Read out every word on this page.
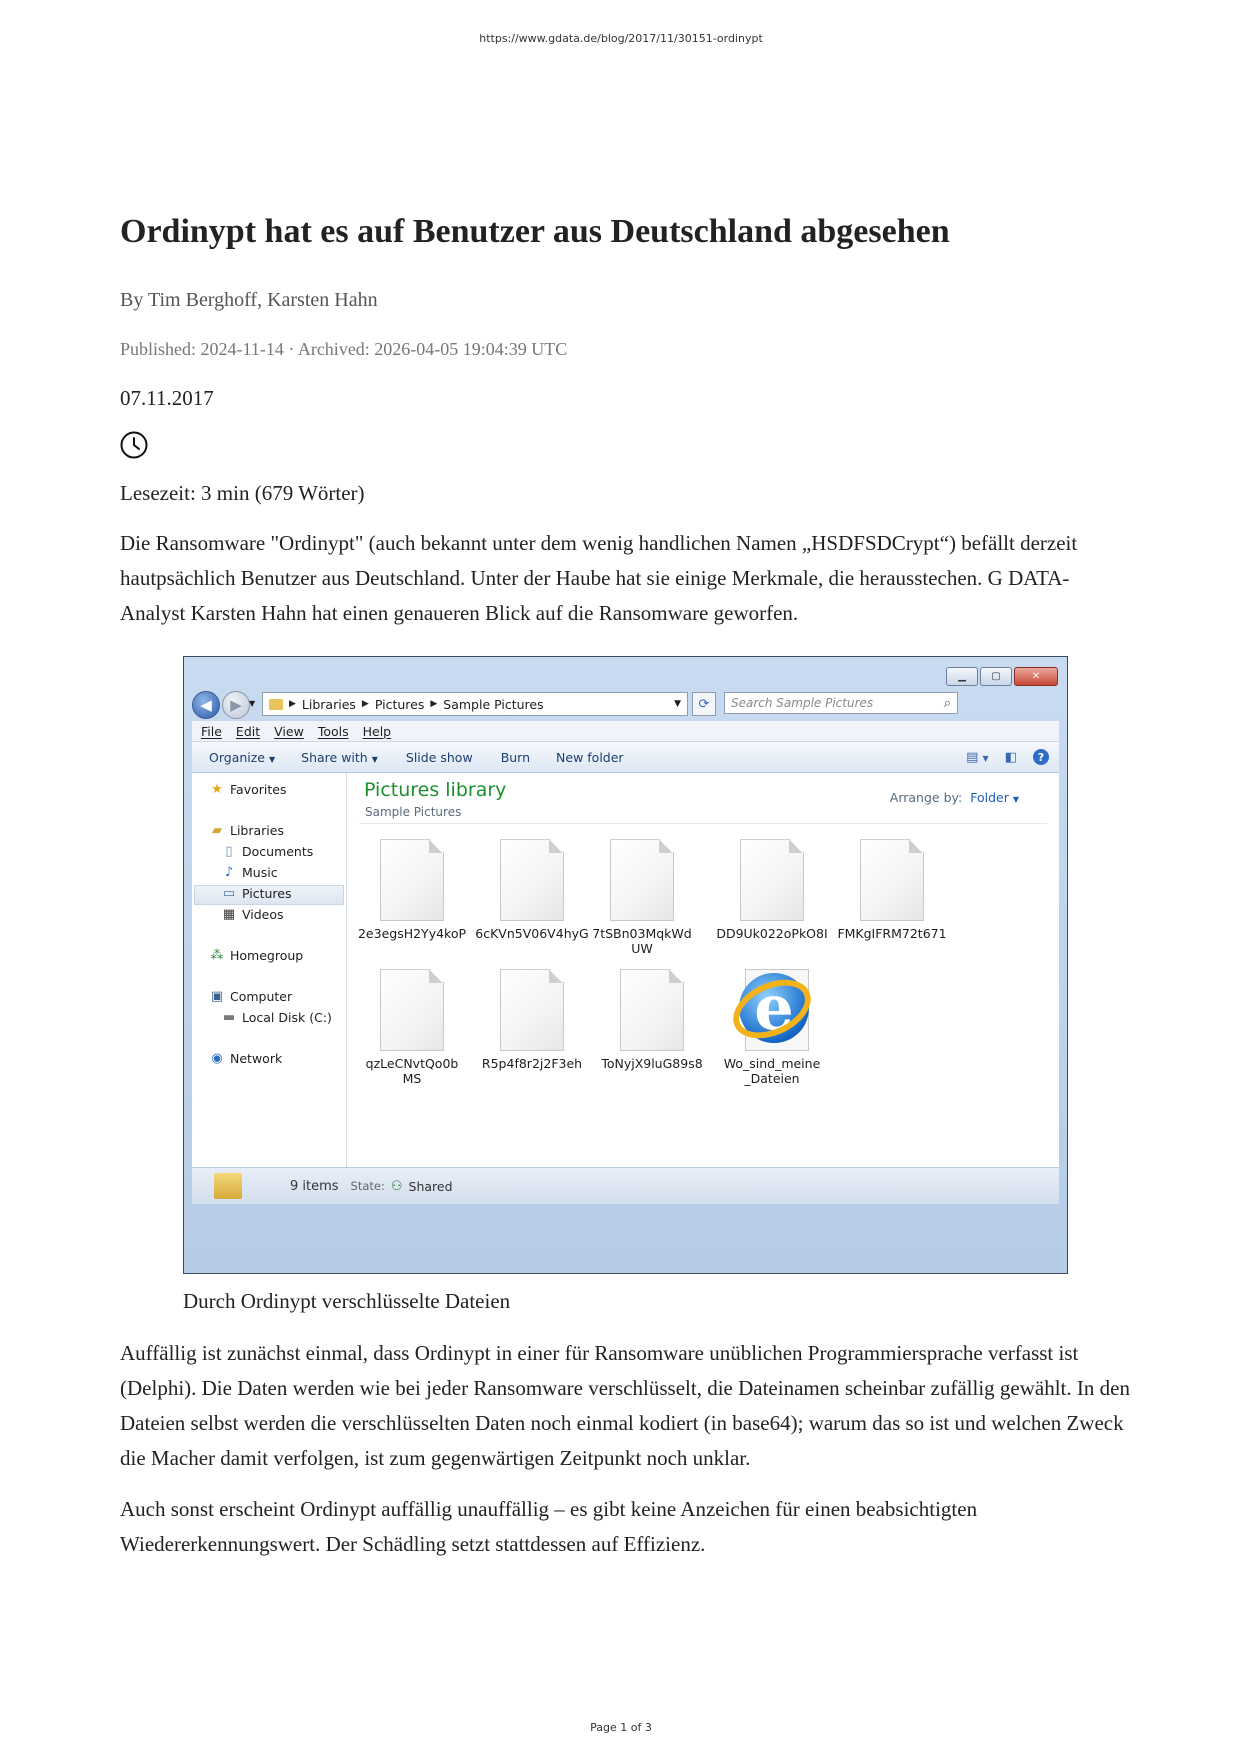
https://www.gdata.de/blog/2017/11/30151-ordinypt
Ordinypt hat es auf Benutzer aus Deutschland abgesehen
By Tim Berghoff, Karsten Hahn
Published: 2024-11-14 · Archived: 2026-04-05 19:04:39 UTC
07.11.2017
Lesezeit: 3 min (679 Wörter)

Die Ransomware "Ordinypt" (auch bekannt unter dem wenig handlichen Namen „HSDFSDCrypt“) befällt derzeit hautpsächlich Benutzer aus Deutschland. Unter der Haube hat sie einige Merkmale, die herausstechen. G DATA-Analyst Karsten Hahn hat einen genaueren Blick auf die Ransomware geworfen.

▁	▢	✕
◀	▶ ▼	▶ Libraries ▶ Pictures ▶ Sample Pictures	▼	⟳	Search Sample Pictures	⌕
File Edit View Tools Help
Organize ▼ Share with ▼ Slide show Burn New folder	▤ ▼ ◧	?
★ Favorites
▰ Libraries
▯ Documents
♪ Music
▭ Pictures
▦ Videos
⁂ Homegroup
▣ Computer
▬ Local Disk (C:)
◉ Network
Pictures library
Sample Pictures
Arrange by: Folder ▼
2e3egsH2Yy4koP 6cKVn5V06V4hyG 7tSBn03MqkWdUW
DD9Uk022oPkO8I FMKgIFRM72t671
qzLeCNvtQo0bMS
R5p4f8r2j2F3eh	ToNyjX9luG89s8
e
Wo_sind_meine_Dateien
9 items State: ⚇ Shared
Durch Ordinypt verschlüsselte Dateien

Auffällig ist zunächst einmal, dass Ordinypt in einer für Ransomware unüblichen Programmiersprache verfasst ist (Delphi). Die Daten werden wie bei jeder Ransomware verschlüsselt, die Dateinamen scheinbar zufällig gewählt. In den Dateien selbst werden die verschlüsselten Daten noch einmal kodiert (in base64); warum das so ist und welchen Zweck die Macher damit verfolgen, ist zum gegenwärtigen Zeitpunkt noch unklar.

Auch sonst erscheint Ordinypt auffällig unauffällig – es gibt keine Anzeichen für einen beabsichtigten Wiedererkennungswert. Der Schädling setzt stattdessen auf Effizienz.

Page 1 of 3
